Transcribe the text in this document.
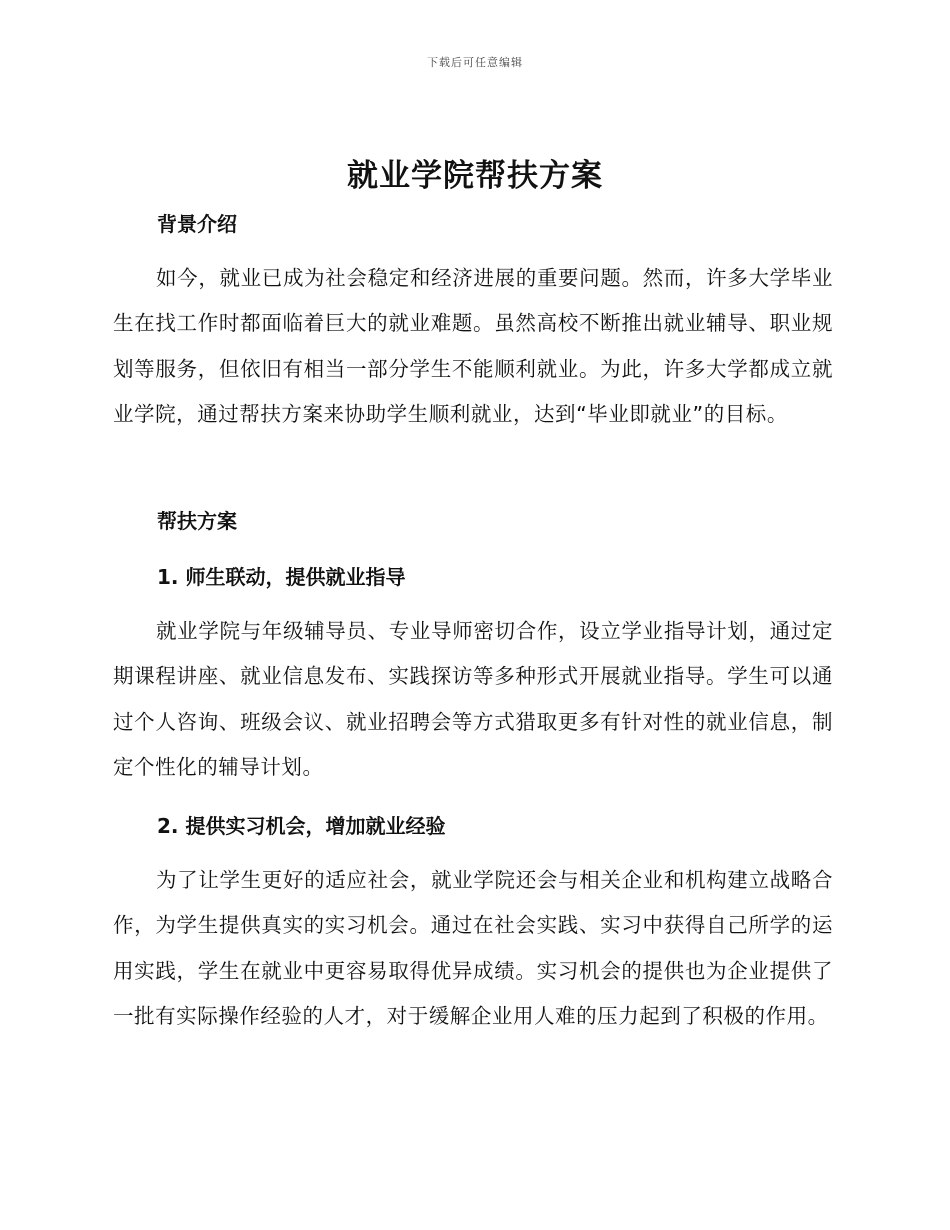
下载后可任意编辑
就业学院帮扶方案
背景介绍

如今，就业已成为社会稳定和经济进展的重要问题。然而，许多大学毕业生在找工作时都面临着巨大的就业难题。虽然高校不断推出就业辅导、职业规划等服务，但依旧有相当一部分学生不能顺利就业。为此，许多大学都成立就业学院，通过帮扶方案来协助学生顺利就业，达到“毕业即就业”的目标。

帮扶方案
1. 师生联动，提供就业指导

就业学院与年级辅导员、专业导师密切合作，设立学业指导计划，通过定期课程讲座、就业信息发布、实践探访等多种形式开展就业指导。学生可以通过个人咨询、班级会议、就业招聘会等方式猎取更多有针对性的就业信息，制定个性化的辅导计划。

2. 提供实习机会，增加就业经验

为了让学生更好的适应社会，就业学院还会与相关企业和机构建立战略合作，为学生提供真实的实习机会。通过在社会实践、实习中获得自己所学的运用实践，学生在就业中更容易取得优异成绩。实习机会的提供也为企业提供了一批有实际操作经验的人才，对于缓解企业用人难的压力起到了积极的作用。
